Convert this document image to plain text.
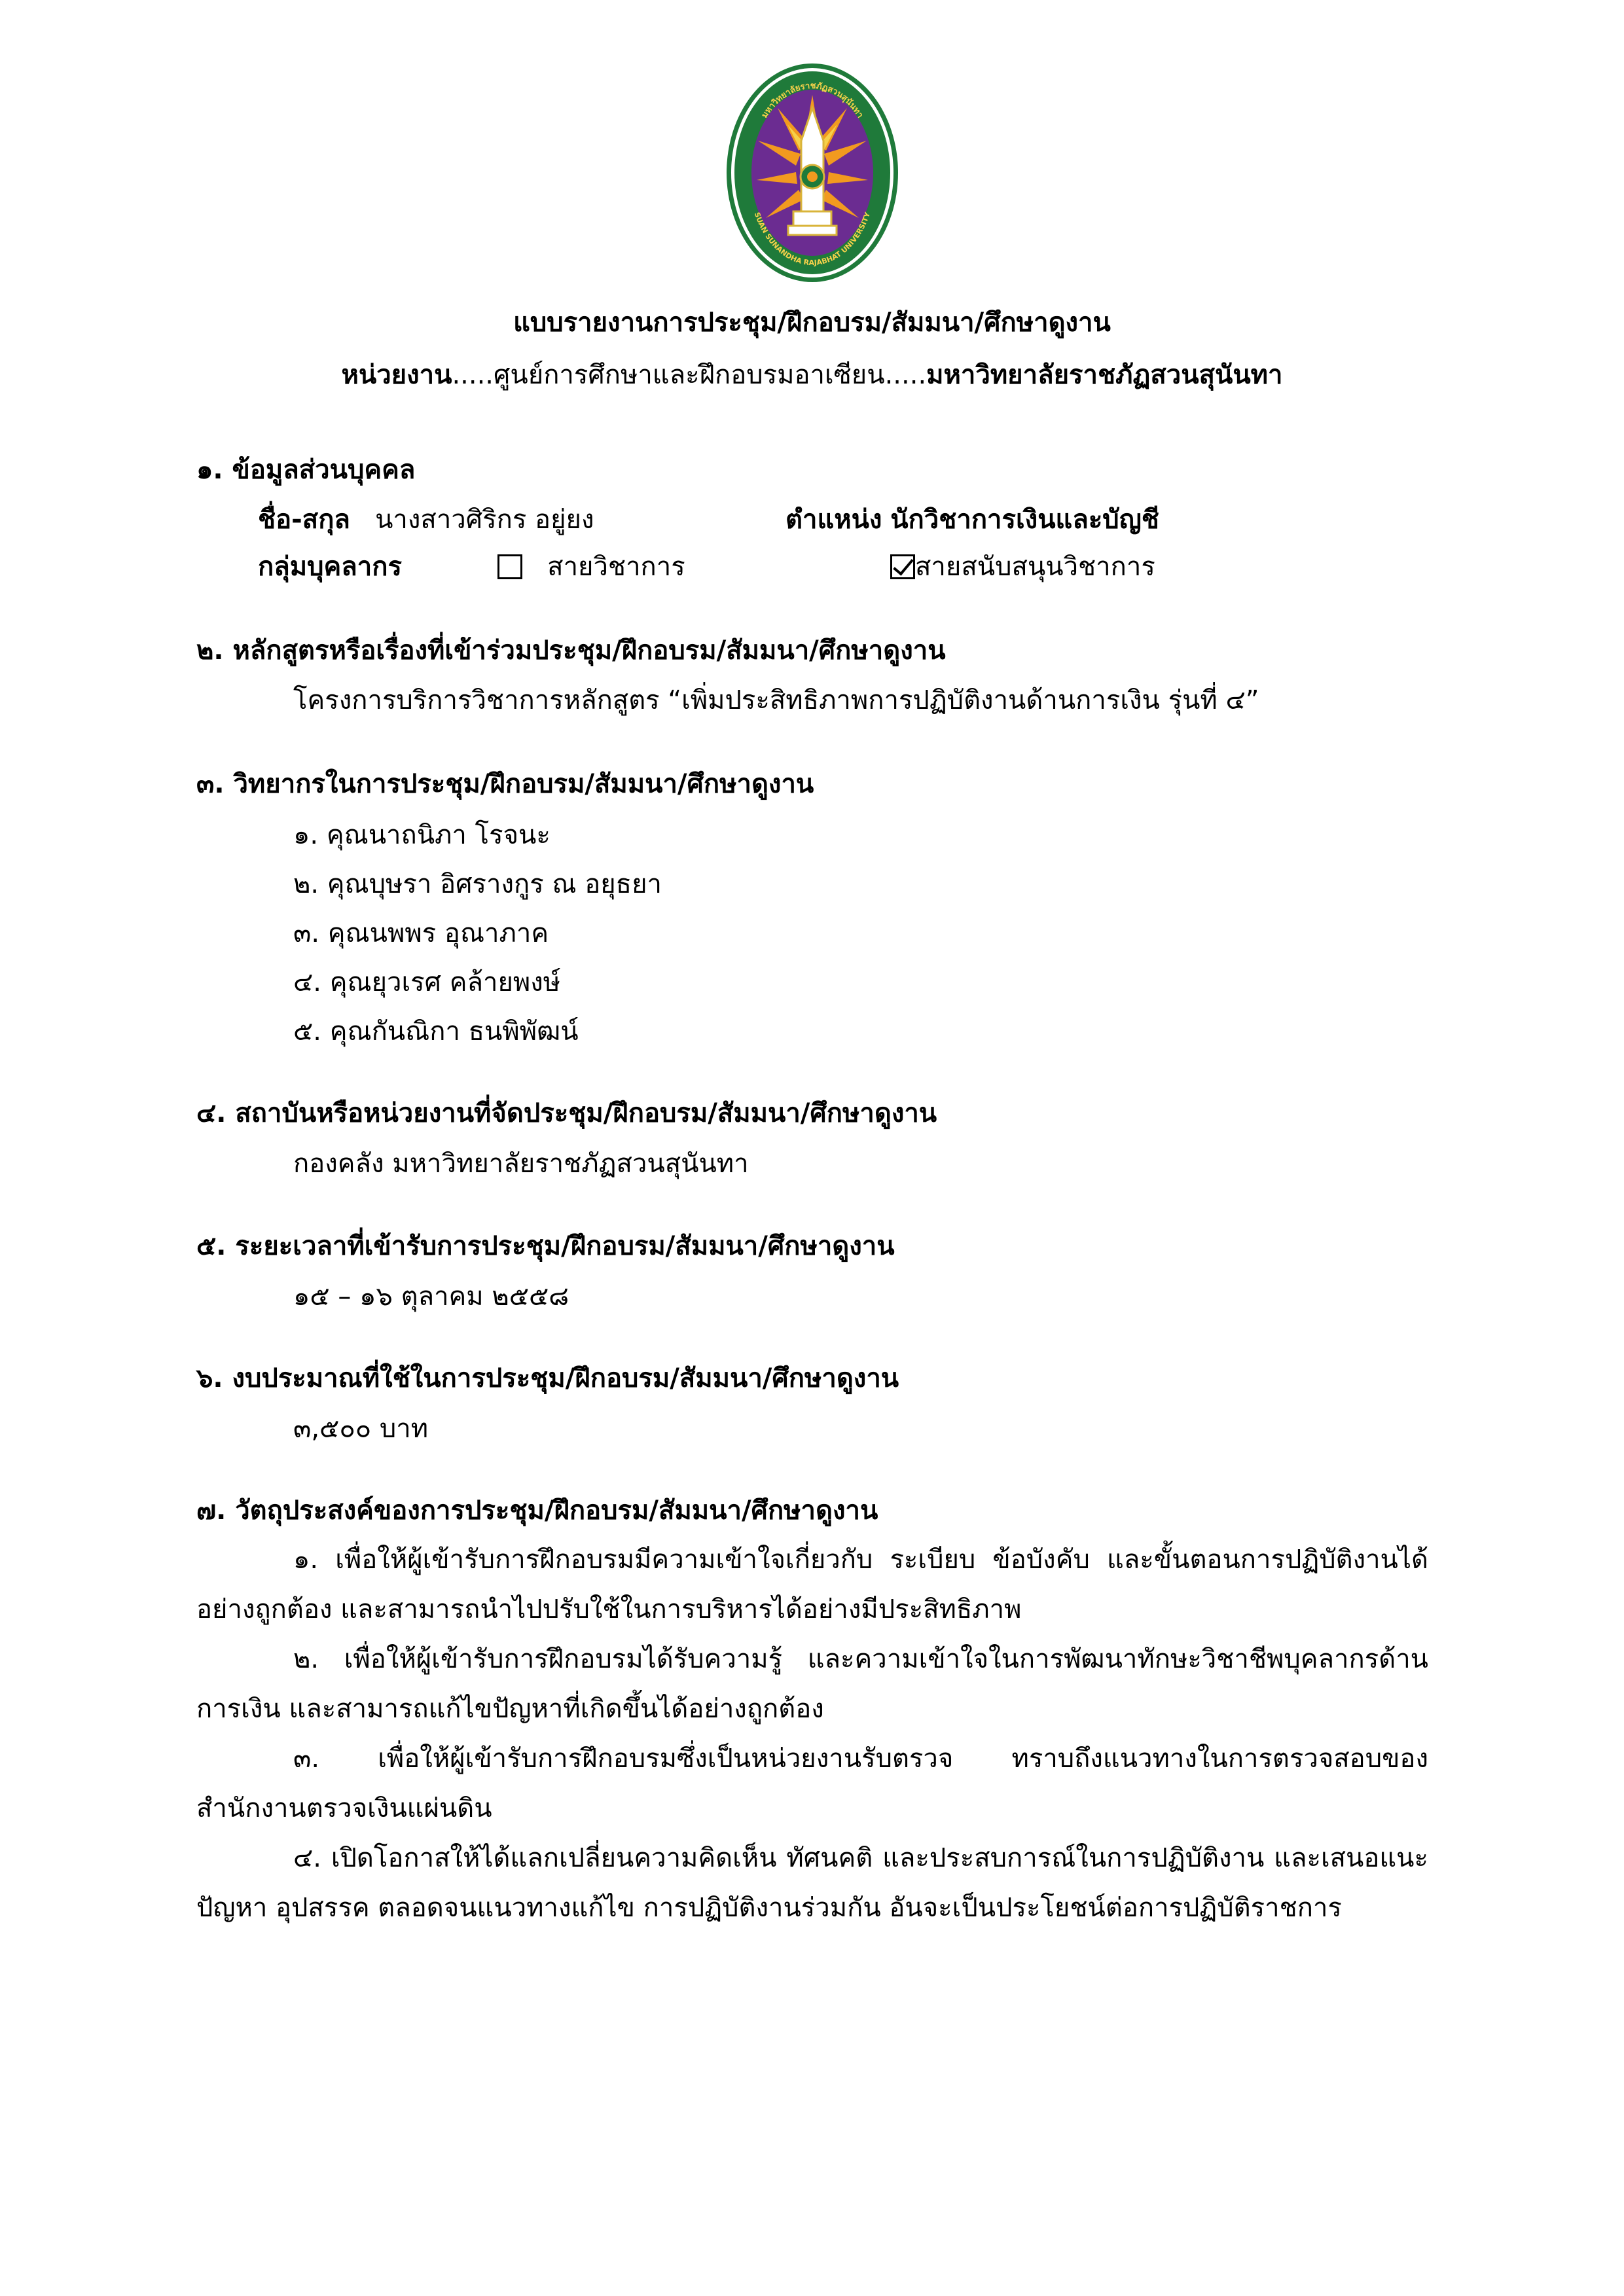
มหาวิทยาลัยราชภัฏสวนสุนันทา
SUAN SUNANDHA RAJABHAT UNIVERSITY
แบบรายงานการประชุม/ฝึกอบรม/สัมมนา/ศึกษาดูงาน
หน่วยงาน.....ศูนย์การศึกษาและฝึกอบรมอาเซียน.....มหาวิทยาลัยราชภัฏสวนสุนันทา
๑. ข้อมูลส่วนบุคคล
ชื่อ-สกุล นางสาวศิริกร อยู่ยง	ตำแหน่ง นักวิชาการเงินและบัญชี
กลุ่มบุคลากร	สายวิชาการ	สายสนับสนุนวิชาการ
๒. หลักสูตรหรือเรื่องที่เข้าร่วมประชุม/ฝึกอบรม/สัมมนา/ศึกษาดูงาน
โครงการบริการวิชาการหลักสูตร “เพิ่มประสิทธิภาพการปฏิบัติงานด้านการเงิน รุ่นที่ ๔”
๓. วิทยากรในการประชุม/ฝึกอบรม/สัมมนา/ศึกษาดูงาน
๑. คุณนาถนิภา โรจนะ
๒. คุณบุษรา อิศรางกูร ณ อยุธยา
๓. คุณนพพร อุณาภาค
๔. คุณยุวเรศ คล้ายพงษ์
๕. คุณกันณิกา ธนพิพัฒน์
๔. สถาบันหรือหน่วยงานที่จัดประชุม/ฝึกอบรม/สัมมนา/ศึกษาดูงาน
กองคลัง มหาวิทยาลัยราชภัฏสวนสุนันทา
๕. ระยะเวลาที่เข้ารับการประชุม/ฝึกอบรม/สัมมนา/ศึกษาดูงาน
๑๕ – ๑๖ ตุลาคม ๒๕๕๘
๖. งบประมาณที่ใช้ในการประชุม/ฝึกอบรม/สัมมนา/ศึกษาดูงาน
๓,๕๐๐ บาท
๗. วัตถุประสงค์ของการประชุม/ฝึกอบรม/สัมมนา/ศึกษาดูงาน
๑. เพื่อให้ผู้เข้ารับการฝึกอบรมมีความเข้าใจเกี่ยวกับ ระเบียบ ข้อบังคับ และขั้นตอนการปฏิบัติงานได้อย่างถูกต้อง และสามารถนำไปปรับใช้ในการบริหารได้อย่างมีประสิทธิภาพ
๒. เพื่อให้ผู้เข้ารับการฝึกอบรมได้รับความรู้ และความเข้าใจในการพัฒนาทักษะวิชาชีพบุคลากรด้านการเงิน และสามารถแก้ไขปัญหาที่เกิดขึ้นได้อย่างถูกต้อง
๓. เพื่อให้ผู้เข้ารับการฝึกอบรมซึ่งเป็นหน่วยงานรับตรวจ ทราบถึงแนวทางในการตรวจสอบของสำนักงานตรวจเงินแผ่นดิน
๔. เปิดโอกาสให้ได้แลกเปลี่ยนความคิดเห็น ทัศนคติ และประสบการณ์ในการปฏิบัติงาน และเสนอแนะ ปัญหา อุปสรรค ตลอดจนแนวทางแก้ไข การปฏิบัติงานร่วมกัน อันจะเป็นประโยชน์ต่อการปฏิบัติราชการ
